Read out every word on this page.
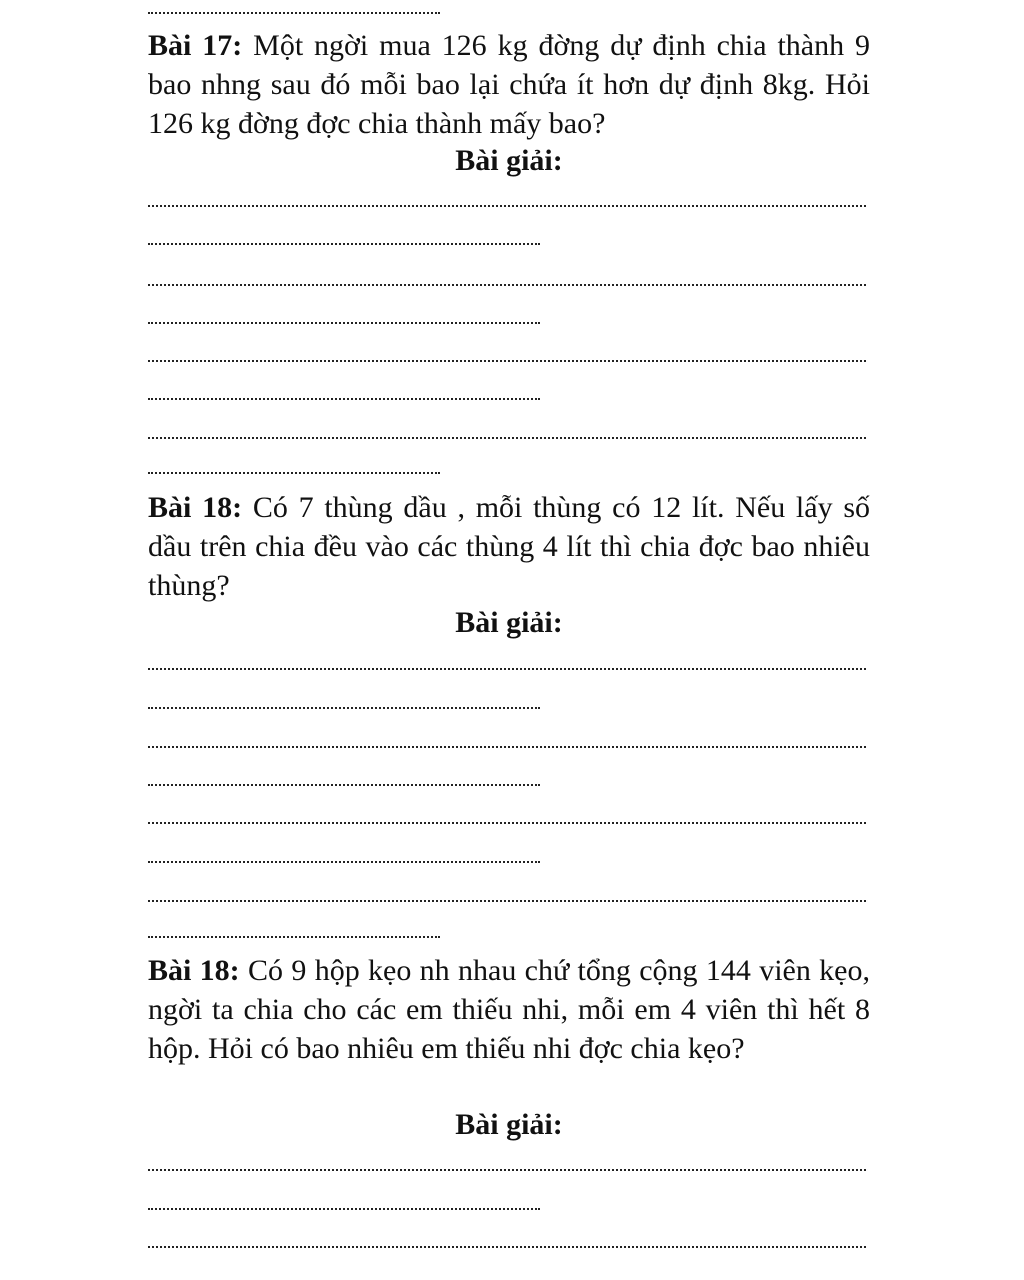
Bài 17: Một ngời mua 126 kg đờng dự định chia thành 9 bao nhng sau đó mỗi bao lại chứa ít hơn dự định 8kg. Hỏi 126 kg đờng đợc chia thành mấy bao?
Bài giải:
Bài 18: Có 7 thùng dầu , mỗi thùng có 12 lít. Nếu lấy số dầu trên chia đều vào các thùng 4 lít thì chia đợc bao nhiêu thùng?
Bài giải:
Bài 18: Có 9 hộp kẹo nh nhau chứ tổng cộng 144 viên kẹo, ngời ta chia cho các em thiếu nhi, mỗi em 4 viên thì hết 8 hộp. Hỏi có bao nhiêu em thiếu nhi đợc chia kẹo?
Bài giải:
